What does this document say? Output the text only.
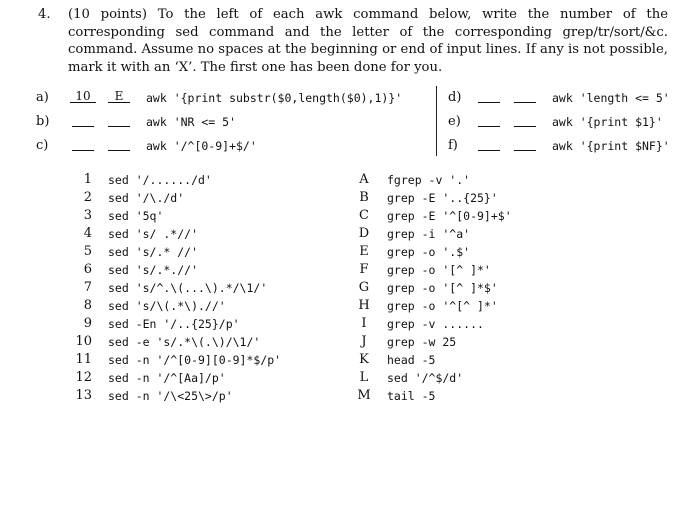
4. (10 points) To the left of each awk command below, write the number of the corresponding sed command and the letter of the corresponding grep/tr/sort/&c. command. Assume no spaces at the beginning or end of input lines. If any is not possible, mark it with an ‘X’. The first one has been done for you.
a)	10	E	awk '{print substr($0,length($0),1)}'
b)	awk 'NR <= 5'
c)	awk '/^[0-9]+$/'
d)	awk 'length <= 5'
e)	awk '{print $1}'
f)	awk '{print $NF}'
1 sed '/....../d'
2 sed '/\./d'
3 sed '5q'
4 sed 's/ .*//'
5 sed 's/.* //'
6 sed 's/.*.//'
7 sed 's/^.\(...\).*/\1/'
8 sed 's/\(.*\).//'
9 sed -En '/..{25}/p'
10 sed -e 's/.*\(.\)/\1/'
11 sed -n '/^[0-9][0-9]*$/p'
12 sed -n '/^[Aa]/p'
13 sed -n '/\<25\>/p'
A fgrep -v '.'
B grep -E '..{25}'
C grep -E '^[0-9]+$'
D grep -i '^a'
E grep -o '.$'
F	grep -o '[^ ]*'
G grep -o '[^ ]*$'
H grep -o '^[^ ]*'
I	grep -v ......
J	grep -w 25
K head -5
L	sed '/^$/d'
M tail -5
